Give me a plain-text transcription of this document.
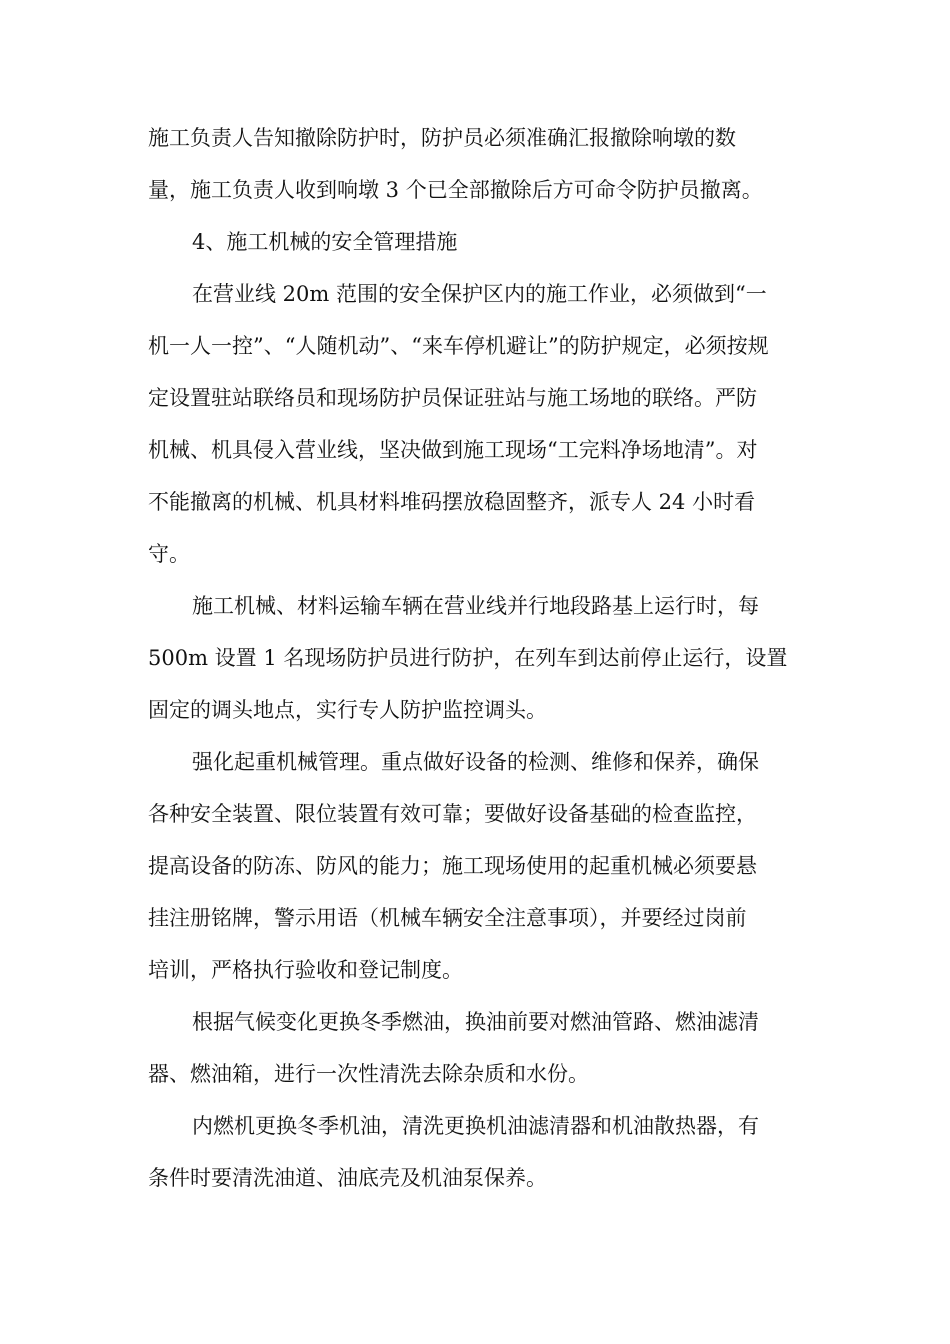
施工负责人告知撤除防护时，防护员必须准确汇报撤除响墩的数
量，施工负责人收到响墩 3 个已全部撤除后方可命令防护员撤离。
4、施工机械的安全管理措施
在营业线 20m 范围的安全保护区内的施工作业，必须做到“一
机一人一控”、“人随机动”、“来车停机避让”的防护规定，必须按规
定设置驻站联络员和现场防护员保证驻站与施工场地的联络。严防
机械、机具侵入营业线，坚决做到施工现场“工完料净场地清”。对
不能撤离的机械、机具材料堆码摆放稳固整齐，派专人 24 小时看
守。
施工机械、材料运输车辆在营业线并行地段路基上运行时，每
500m 设置 1 名现场防护员进行防护，在列车到达前停止运行，设置
固定的调头地点，实行专人防护监控调头。
强化起重机械管理。重点做好设备的检测、维修和保养，确保
各种安全装置、限位装置有效可靠；要做好设备基础的检查监控，
提高设备的防冻、防风的能力；施工现场使用的起重机械必须要悬
挂注册铭牌，警示用语（机械车辆安全注意事项），并要经过岗前
培训，严格执行验收和登记制度。
根据气候变化更换冬季燃油，换油前要对燃油管路、燃油滤清
器、燃油箱，进行一次性清洗去除杂质和水份。
内燃机更换冬季机油，清洗更换机油滤清器和机油散热器，有
条件时要清洗油道、油底壳及机油泵保养。
